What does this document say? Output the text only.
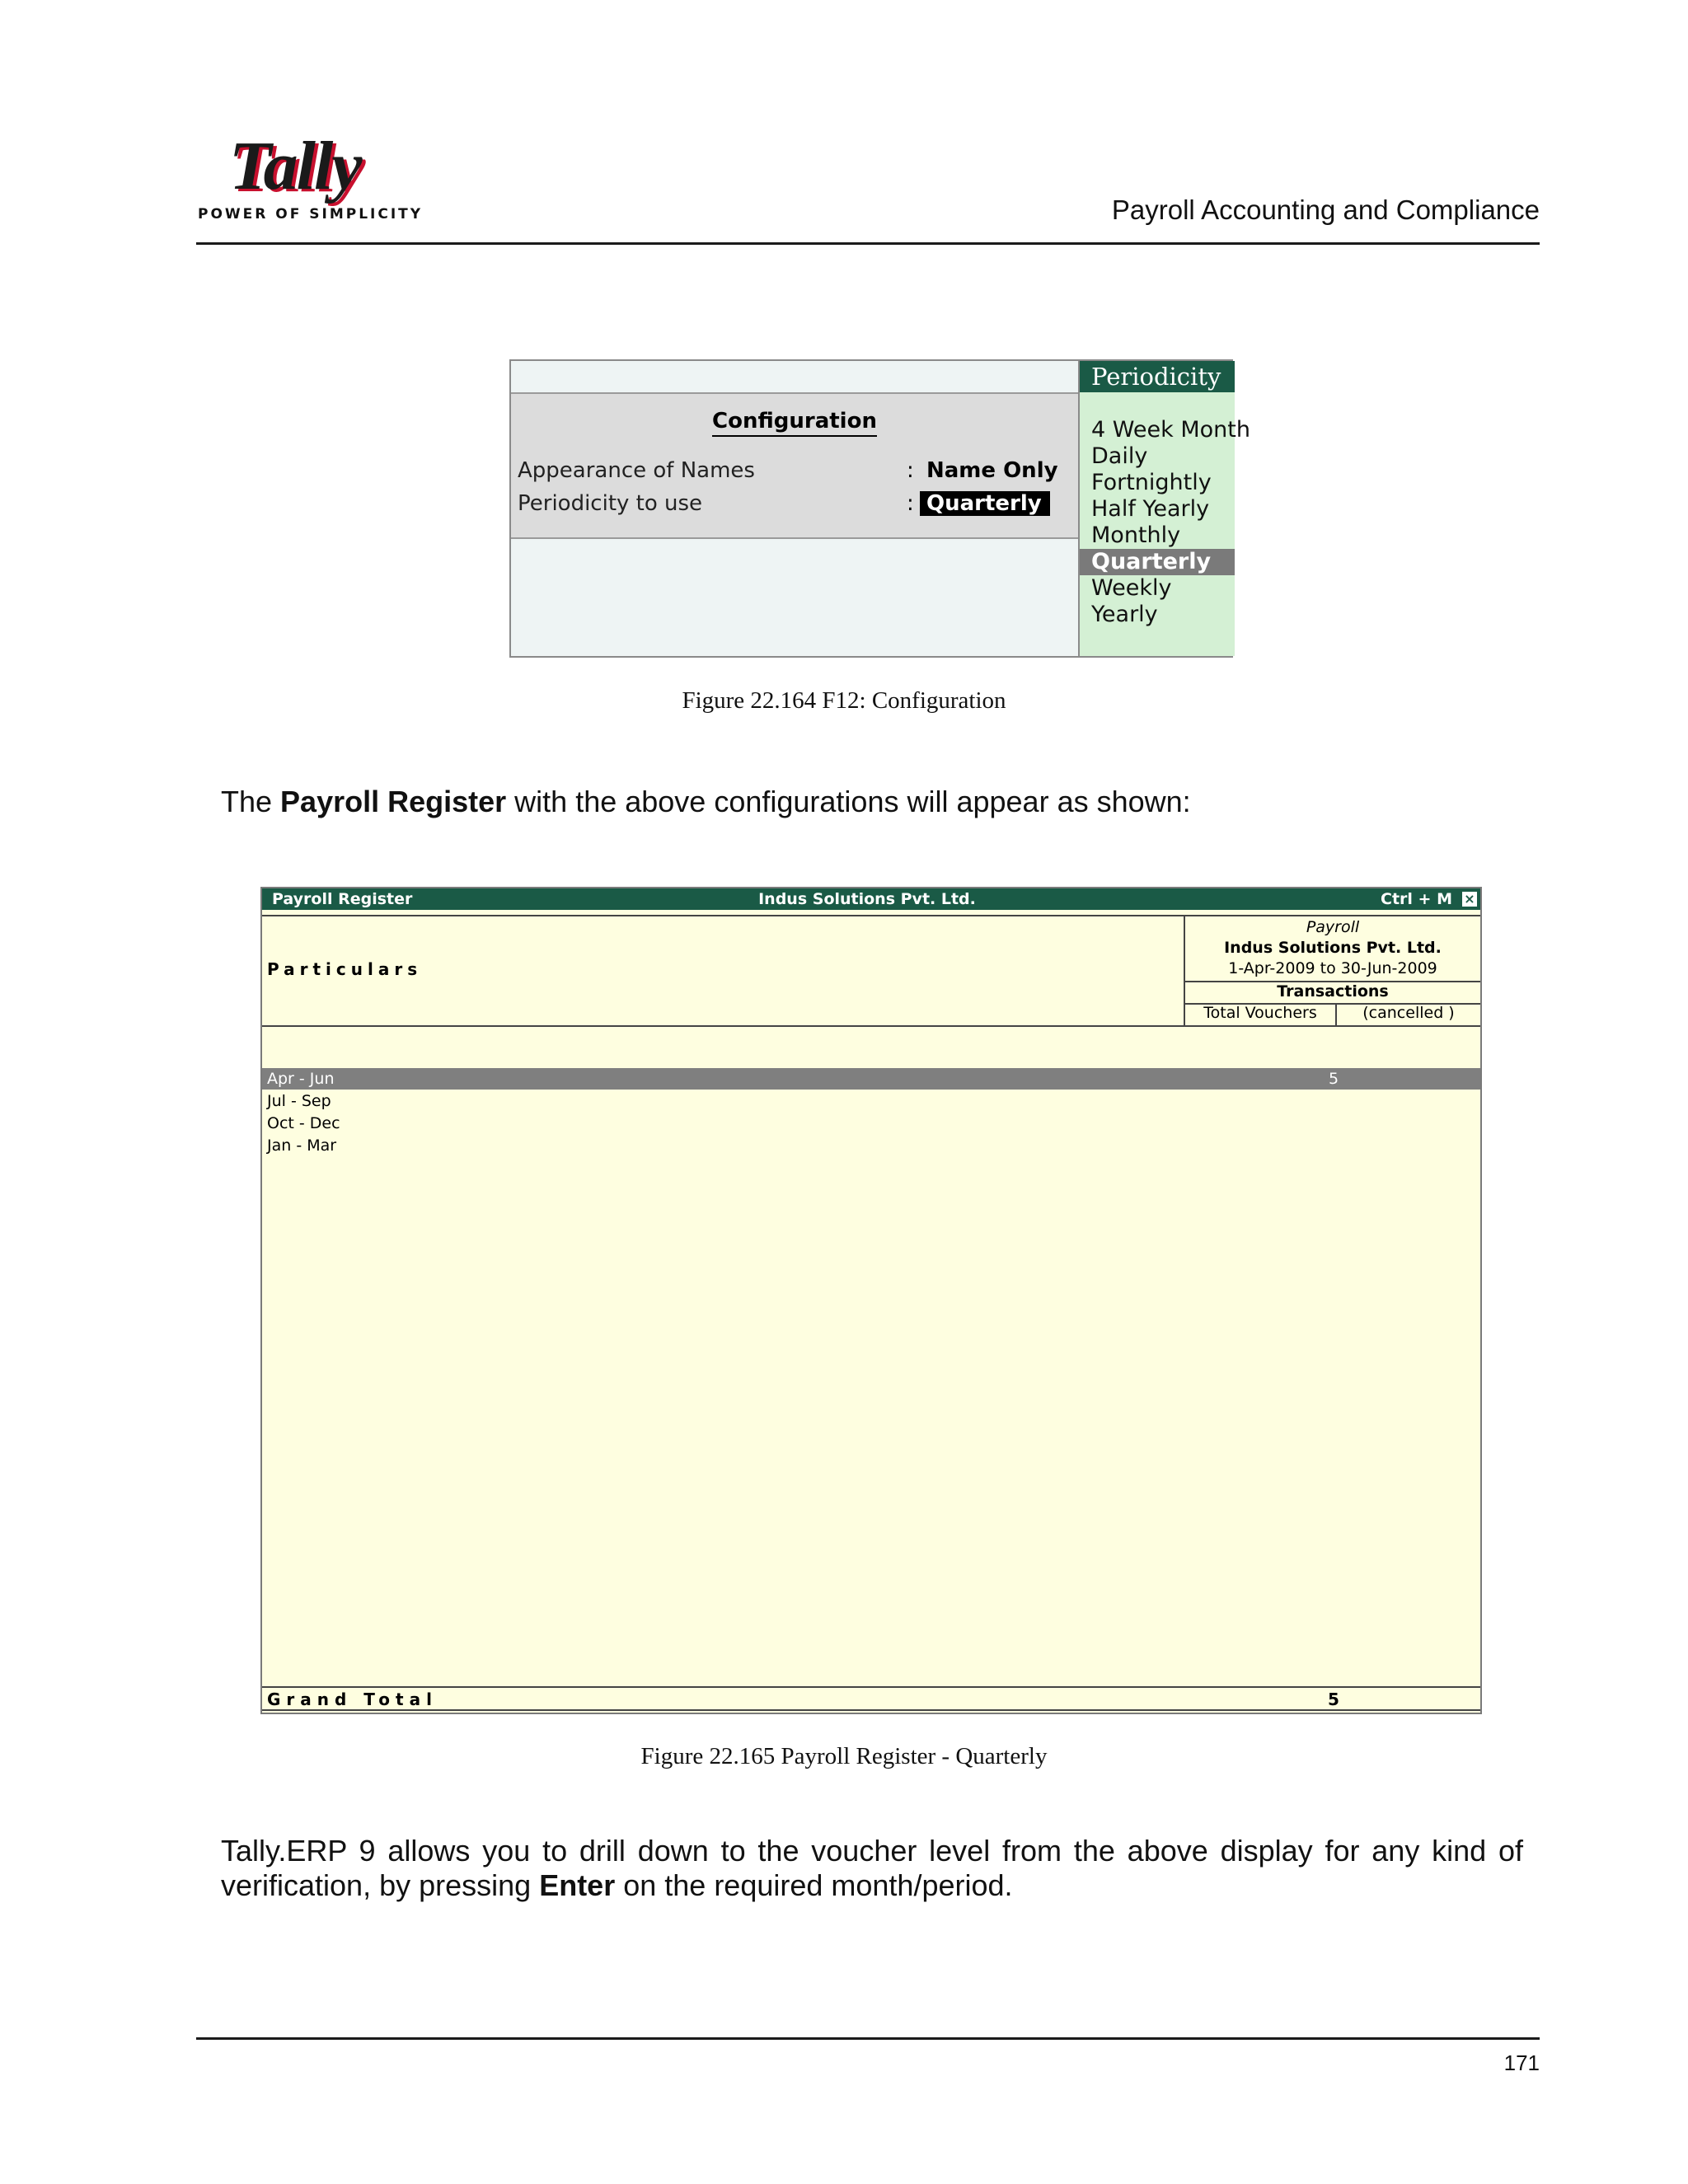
Tally
POWER OF SIMPLICITY	Payroll Accounting and Compliance
Configuration
Appearance of Names	: Name Only
Periodicity to use	: Quarterly
Periodicity
4 Week Month
Daily
Fortnightly
Half Yearly
Monthly
Quarterly
Weekly
Yearly
Figure 22.164 F12: Configuration
The Payroll Register with the above configurations will appear as shown:
Indus Solutions Pvt. Ltd.
Payroll Register	Ctrl + M ×
Particulars
Payroll
Indus Solutions Pvt. Ltd.
1-Apr-2009 to 30-Jun-2009
Transactions
Total Vouchers	(cancelled )
Apr - Jun	5
Jul - Sep
Oct - Dec
Jan - Mar
Grand Total	5
Figure 22.165 Payroll Register - Quarterly
Tally.ERP 9 allows you to drill down to the voucher level from the above display for any kind of
verification, by pressing Enter on the required month/period.
171
